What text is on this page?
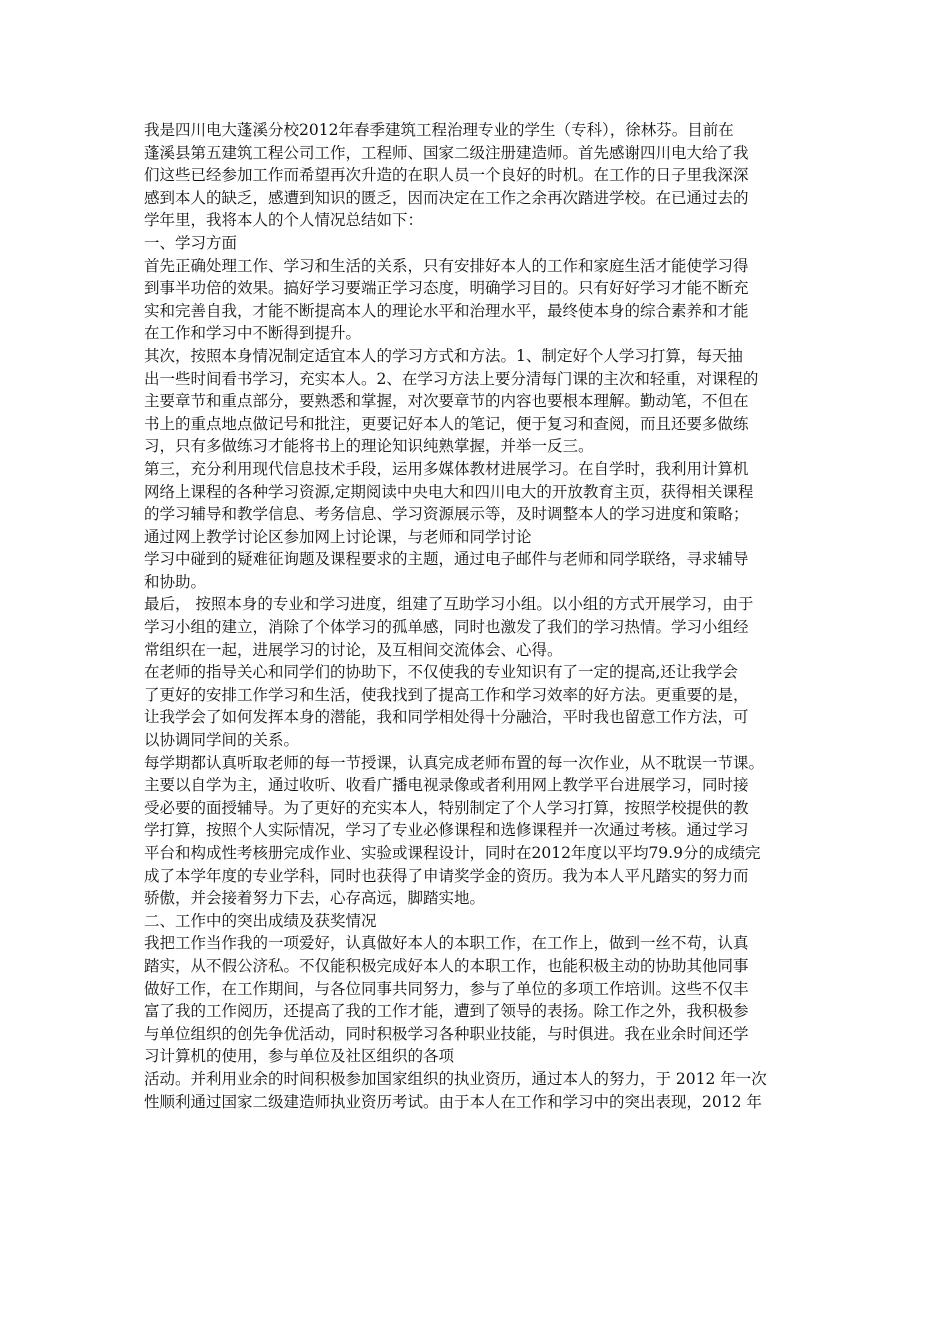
我是四川电大蓬溪分校2012年春季建筑工程治理专业的学生（专科），徐林芬。目前在
蓬溪县第五建筑工程公司工作，工程师、国家二级注册建造师。首先感谢四川电大给了我
们这些已经参加工作而希望再次升造的在职人员一个良好的时机。在工作的日子里我深深
感到本人的缺乏，感遭到知识的匮乏，因而决定在工作之余再次踏进学校。在已通过去的
学年里，我将本人的个人情况总结如下：
一、学习方面
首先正确处理工作、学习和生活的关系，只有安排好本人的工作和家庭生活才能使学习得
到事半功倍的效果。搞好学习要端正学习态度，明确学习目的。只有好好学习才能不断充
实和完善自我，才能不断提高本人的理论水平和治理水平，最终使本身的综合素养和才能
在工作和学习中不断得到提升。
其次，按照本身情况制定适宜本人的学习方式和方法。1、制定好个人学习打算，每天抽
出一些时间看书学习，充实本人。2、在学习方法上要分清每门课的主次和轻重，对课程的
主要章节和重点部分，要熟悉和掌握，对次要章节的内容也要根本理解。勤动笔，不但在
书上的重点地点做记号和批注，更要记好本人的笔记，便于复习和查阅，而且还要多做练
习，只有多做练习才能将书上的理论知识纯熟掌握，并举一反三。
第三，充分利用现代信息技术手段，运用多媒体教材进展学习。在自学时，我利用计算机
网络上课程的各种学习资源,定期阅读中央电大和四川电大的开放教育主页，获得相关课程
的学习辅导和教学信息、考务信息、学习资源展示等，及时调整本人的学习进度和策略；
通过网上教学讨论区参加网上讨论课，与老师和同学讨论
学习中碰到的疑难征询题及课程要求的主题，通过电子邮件与老师和同学联络，寻求辅导
和协助。
最后， 按照本身的专业和学习进度，组建了互助学习小组。以小组的方式开展学习，由于
学习小组的建立，消除了个体学习的孤单感，同时也激发了我们的学习热情。学习小组经
常组织在一起，进展学习的讨论，及互相间交流体会、心得。
在老师的指导关心和同学们的协助下，不仅使我的专业知识有了一定的提高,还让我学会
了更好的安排工作学习和生活，使我找到了提高工作和学习效率的好方法。更重要的是，
让我学会了如何发挥本身的潜能，我和同学相处得十分融洽，平时我也留意工作方法，可
以协调同学间的关系。
每学期都认真听取老师的每一节授课，认真完成老师布置的每一次作业，从不耽误一节课。
主要以自学为主，通过收听、收看广播电视录像或者利用网上教学平台进展学习，同时接
受必要的面授辅导。为了更好的充实本人，特别制定了个人学习打算，按照学校提供的教
学打算，按照个人实际情况，学习了专业必修课程和选修课程并一次通过考核。通过学习
平台和构成性考核册完成作业、实验或课程设计，同时在2012年度以平均79.9分的成绩完
成了本学年度的专业学科，同时也获得了申请奖学金的资历。我为本人平凡踏实的努力而
骄傲，并会接着努力下去，心存高远，脚踏实地。
二、工作中的突出成绩及获奖情况
我把工作当作我的一项爱好，认真做好本人的本职工作，在工作上，做到一丝不苟，认真
踏实，从不假公济私。不仅能积极完成好本人的本职工作，也能积极主动的协助其他同事
做好工作，在工作期间，与各位同事共同努力，参与了单位的多项工作培训。这些不仅丰
富了我的工作阅历，还提高了我的工作才能，遭到了领导的表扬。除工作之外，我积极参
与单位组织的创先争优活动，同时积极学习各种职业技能，与时俱进。我在业余时间还学
习计算机的使用，参与单位及社区组织的各项
活动。并利用业余的时间积极参加国家组织的执业资历，通过本人的努力，于 2012 年一次
性顺利通过国家二级建造师执业资历考试。由于本人在工作和学习中的突出表现，2012 年
